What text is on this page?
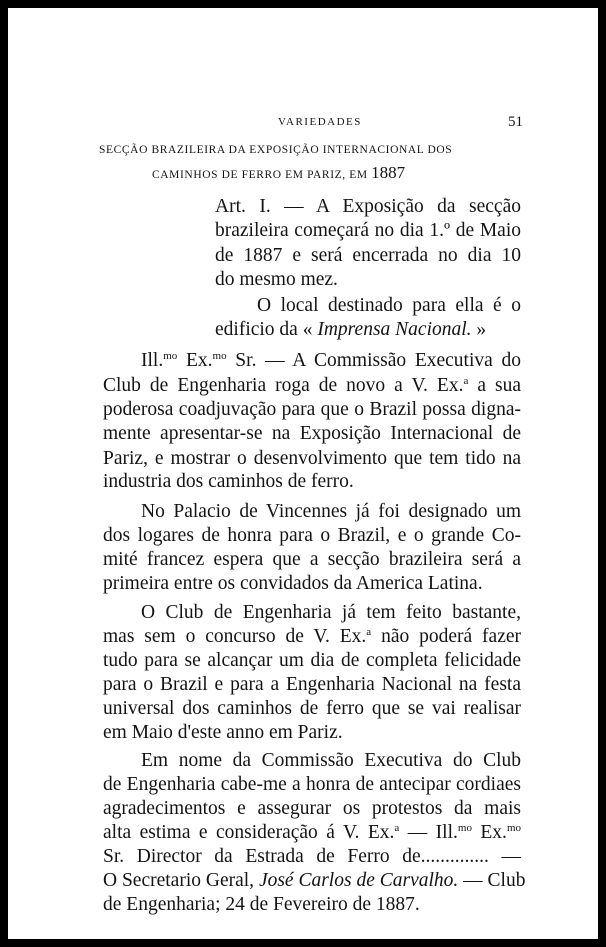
VARIEDADES	51
SECÇÃO BRAZILEIRA DA EXPOSIÇÃO INTERNACIONAL DOS
CAMINHOS DE FERRO EM PARIZ, EM 1887
Art. I. — A Exposição da secção
brazileira começará no dia 1.º de Maio
de 1887 e será encerrada no dia 10
do mesmo mez.
O local destinado para ella é o
edificio da « Imprensa Nacional. »
Ill.$^{mo}$ Ex.$^{mo}$ Sr. — A Commissão Executiva do
Club de Engenharia roga de novo a V. Ex.$^a$ a sua
poderosa coadjuvação para que o Brazil possa digna-
mente apresentar-se na Exposição Internacional de
Pariz, e mostrar o desenvolvimento que tem tido na
industria dos caminhos de ferro.
No Palacio de Vincennes já foi designado um
dos logares de honra para o Brazil, e o grande Co-
mité francez espera que a secção brazileira será a
primeira entre os convidados da America Latina.
O Club de Engenharia já tem feito bastante,
mas sem o concurso de V. Ex.$^a$ não poderá fazer
tudo para se alcançar um dia de completa felicidade
para o Brazil e para a Engenharia Nacional na festa
universal dos caminhos de ferro que se vai realisar
em Maio d'este anno em Pariz.
Em nome da Commissão Executiva do Club
de Engenharia cabe-me a honra de antecipar cordiaes
agradecimentos e assegurar os protestos da mais
alta estima e consideração á V. Ex.$^a$ — Ill.$^{mo}$ Ex.$^{mo}$
Sr. Director da Estrada de Ferro de.............. —
O Secretario Geral, José Carlos de Carvalho. — Club
de Engenharia; 24 de Fevereiro de 1887.
